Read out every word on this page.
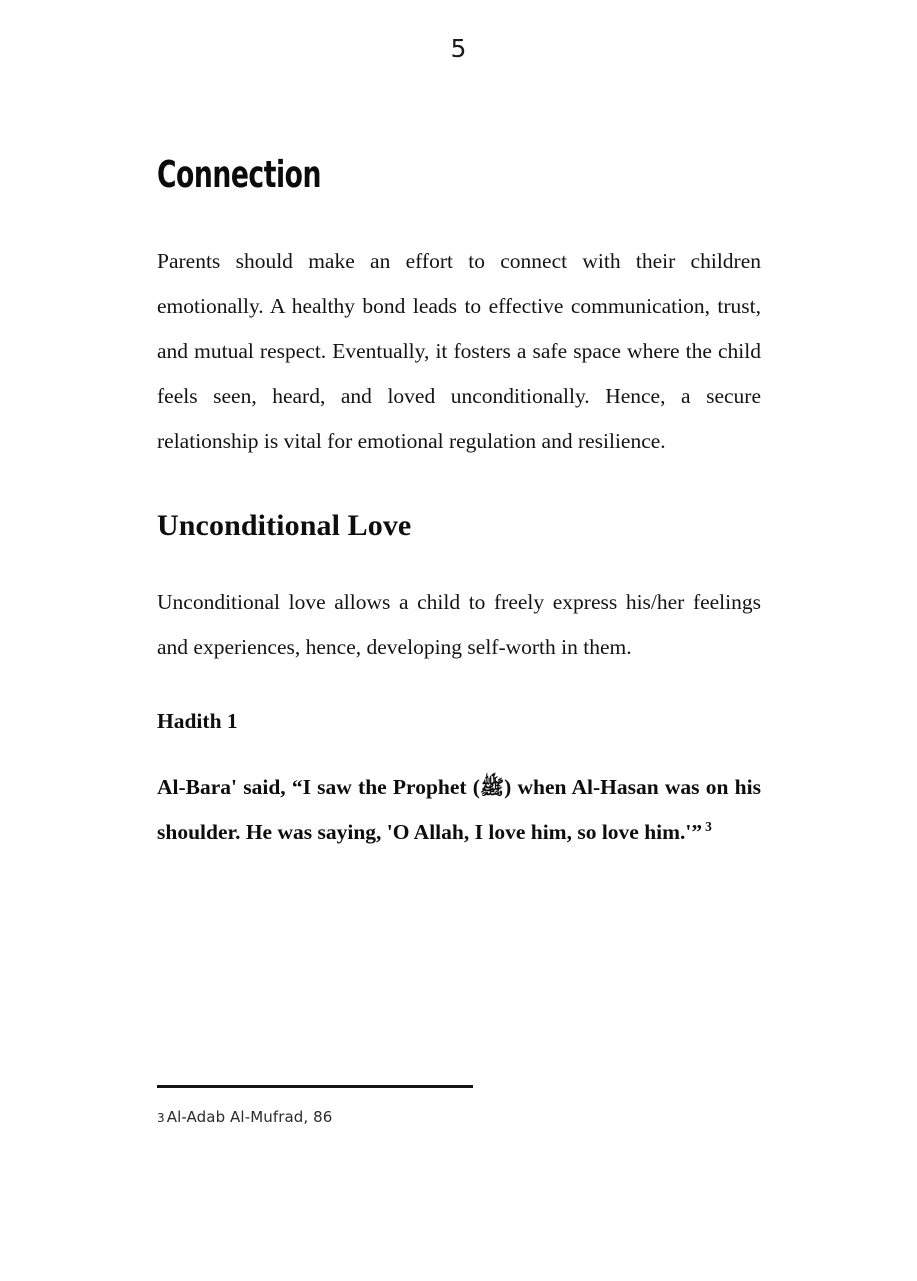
5
Connection

Parents should make an effort to connect with their children emotionally. A healthy bond leads to effective communication, trust, and mutual respect. Eventually, it fosters a safe space where the child feels seen, heard, and loved unconditionally. Hence, a secure relationship is vital for emotional regulation and resilience.

Unconditional Love

Unconditional love allows a child to freely express his/her feelings and experiences, hence, developing self-worth in them.

Hadith 1

Al-Bara' said, “I saw the Prophet (ﷺ) when Al-Hasan was on his shoulder. He was saying, 'O Allah, I love him, so love him.'” $^3$

3 Al-Adab Al-Mufrad, 86
